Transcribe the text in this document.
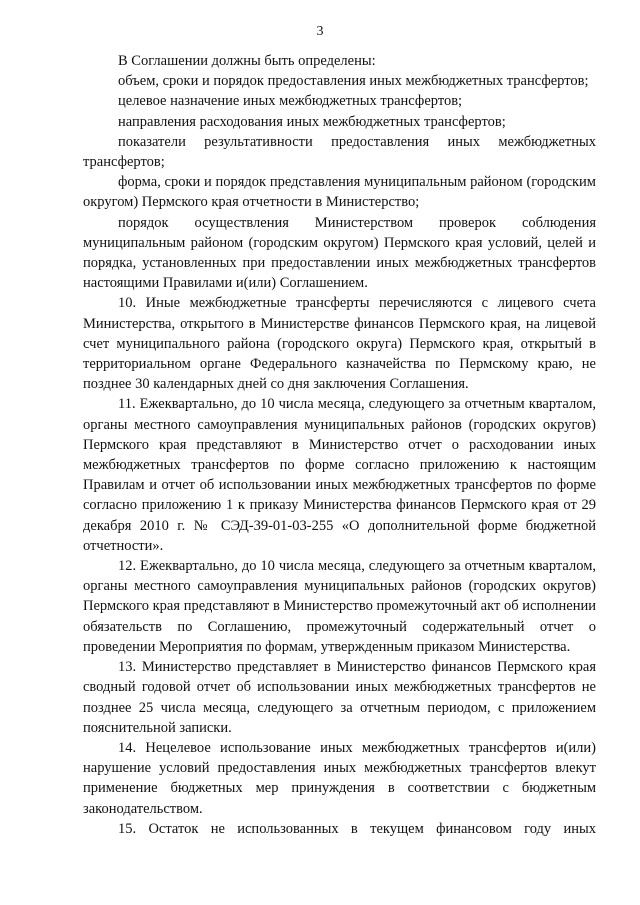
3

В Соглашении должны быть определены:

объем, сроки и порядок предоставления иных межбюджетных трансфертов;

целевое назначение иных межбюджетных трансфертов;

направления расходования иных межбюджетных трансфертов;

показатели результативности предоставления иных межбюджетных трансфертов;

форма, сроки и порядок представления муниципальным районом (городским округом) Пермского края отчетности в Министерство;

порядок осуществления Министерством проверок соблюдения муниципальным районом (городским округом) Пермского края условий, целей и порядка, установленных при предоставлении иных межбюджетных трансфертов настоящими Правилами и(или) Соглашением.

10. Иные межбюджетные трансферты перечисляются с лицевого счета Министерства, открытого в Министерстве финансов Пермского края, на лицевой счет муниципального района (городского округа) Пермского края, открытый в территориальном органе Федерального казначейства по Пермскому краю, не позднее 30 календарных дней со дня заключения Соглашения.

11. Ежеквартально, до 10 числа месяца, следующего за отчетным кварталом, органы местного самоуправления муниципальных районов (городских округов) Пермского края представляют в Министерство отчет о расходовании иных межбюджетных трансфертов по форме согласно приложению к настоящим Правилам и отчет об использовании иных межбюджетных трансфертов по форме согласно приложению 1 к приказу Министерства финансов Пермского края от 29 декабря 2010 г. № СЭД-39-01-03-255 «О дополнительной форме бюджетной отчетности».

12. Ежеквартально, до 10 числа месяца, следующего за отчетным кварталом, органы местного самоуправления муниципальных районов (городских округов) Пермского края представляют в Министерство промежуточный акт об исполнении обязательств по Соглашению, промежуточный содержательный отчет о проведении Мероприятия по формам, утвержденным приказом Министерства.

13. Министерство представляет в Министерство финансов Пермского края сводный годовой отчет об использовании иных межбюджетных трансфертов не позднее 25 числа месяца, следующего за отчетным периодом, с приложением пояснительной записки.

14. Нецелевое использование иных межбюджетных трансфертов и(или) нарушение условий предоставления иных межбюджетных трансфертов влекут применение бюджетных мер принуждения в соответствии с бюджетным законодательством.

15. Остаток не использованных в текущем финансовом году иных
